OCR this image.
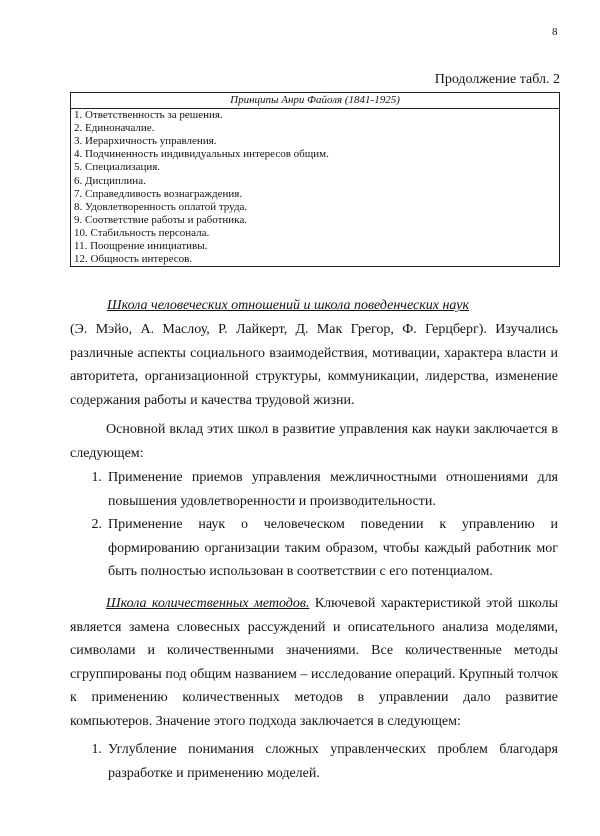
8
Продолжение табл. 2
Принципы Анри Файоля (1841-1925)
1. Ответственность за решения.
2. Единоначалие.
3. Иерархичность управления.
4. Подчиненность индивидуальных интересов общим.
5. Специализация.
6. Дисциплина.
7. Справедливость вознаграждения.
8. Удовлетворенность оплатой труда.
9. Соответствие работы и работника.
10. Стабильность персонала.
11. Поощрение инициативы.
12. Общность интересов.
Школа человеческих отношений и школа поведенческих наук
(Э. Мэйо, А. Маслоу, Р. Лайкерт, Д. Мак Грегор, Ф. Герцберг). Изучались различные аспекты социального взаимодействия, мотивации, характера власти и авторитета, организационной структуры, коммуникации, лидерства, изменение содержания работы и качества трудовой жизни.
Основной вклад этих школ в развитие управления как науки заключается в следующем:
1. Применение приемов управления межличностными отношениями для повышения удовлетворенности и производительности.
2. Применение наук о человеческом поведении к управлению и формированию организации таким образом, чтобы каждый работник мог быть полностью использован в соответствии с его потенциалом.
Школа количественных методов. Ключевой характеристикой этой школы является замена словесных рассуждений и описательного анализа моделями, символами и количественными значениями. Все количественные методы сгруппированы под общим названием – исследование операций. Крупный толчок к применению количественных методов в управлении дало развитие компьютеров. Значение этого подхода заключается в следующем:
1. Углубление понимания сложных управленческих проблем благодаря разработке и применению моделей.
